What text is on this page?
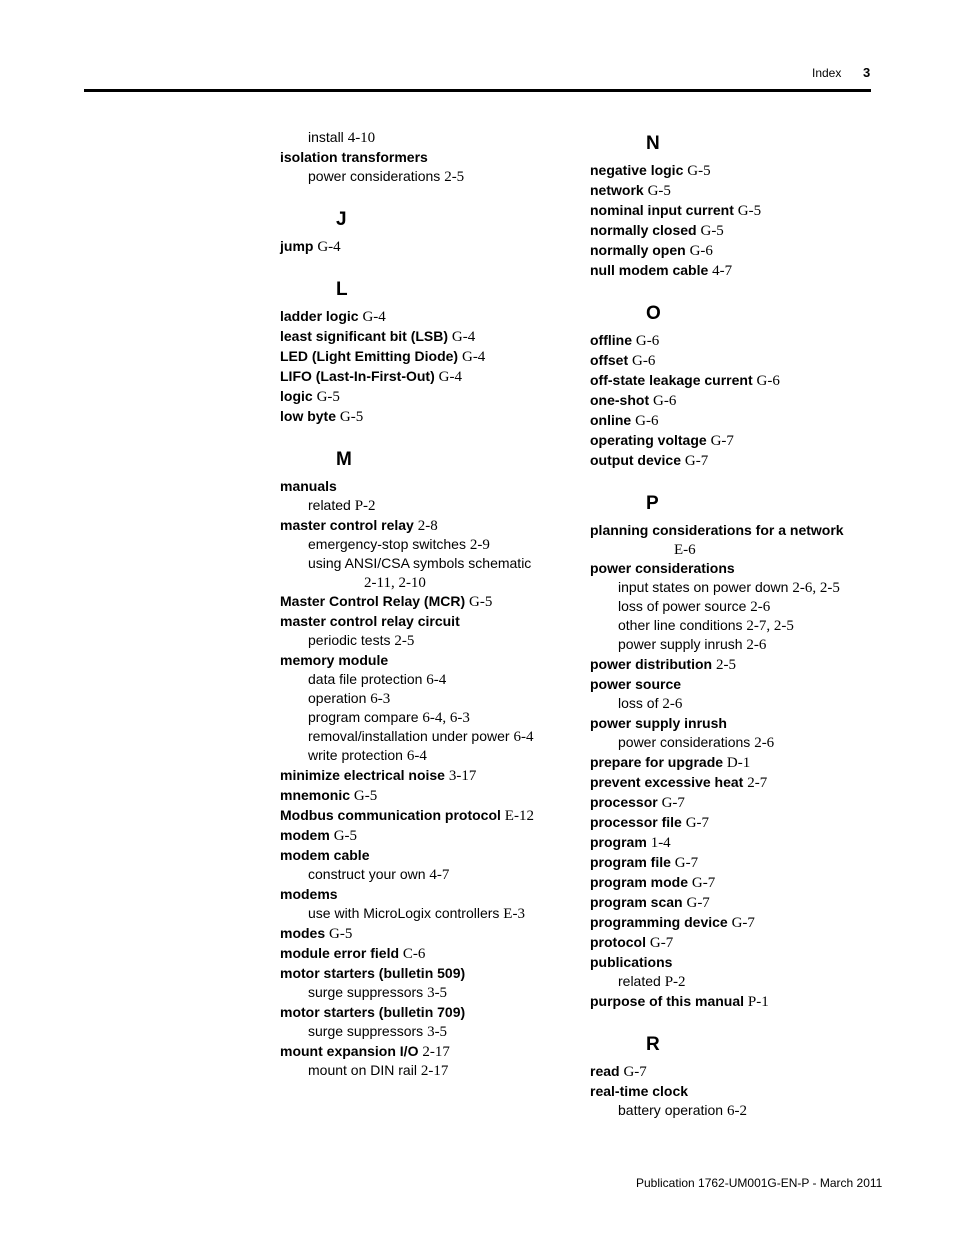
Index 3
install 4-10
isolation transformers
power considerations 2-5
J
jump G-4
L
ladder logic G-4
least significant bit (LSB) G-4
LED (Light Emitting Diode) G-4
LIFO (Last-In-First-Out) G-4
logic G-5
low byte G-5
M
manuals
related P-2
master control relay 2-8
emergency-stop switches 2-9
using ANSI/CSA symbols schematic
2-11, 2-10
Master Control Relay (MCR) G-5
master control relay circuit
periodic tests 2-5
memory module
data file protection 6-4
operation 6-3
program compare 6-4, 6-3
removal/installation under power 6-4
write protection 6-4
minimize electrical noise 3-17
mnemonic G-5
Modbus communication protocol E-12
modem G-5
modem cable
construct your own 4-7
modems
use with MicroLogix controllers E-3
modes G-5
module error field C-6
motor starters (bulletin 509)
surge suppressors 3-5
motor starters (bulletin 709)
surge suppressors 3-5
mount expansion I/O 2-17
mount on DIN rail 2-17
N
negative logic G-5
network G-5
nominal input current G-5
normally closed G-5
normally open G-6
null modem cable 4-7
O
offline G-6
offset G-6
off-state leakage current G-6
one-shot G-6
online G-6
operating voltage G-7
output device G-7
P
planning considerations for a network
E-6
power considerations
input states on power down 2-6, 2-5
loss of power source 2-6
other line conditions 2-7, 2-5
power supply inrush 2-6
power distribution 2-5
power source
loss of 2-6
power supply inrush
power considerations 2-6
prepare for upgrade D-1
prevent excessive heat 2-7
processor G-7
processor file G-7
program 1-4
program file G-7
program mode G-7
program scan G-7
programming device G-7
protocol G-7
publications
related P-2
purpose of this manual P-1
R
read G-7
real-time clock
battery operation 6-2
Publication 1762-UM001G-EN-P - March 2011
